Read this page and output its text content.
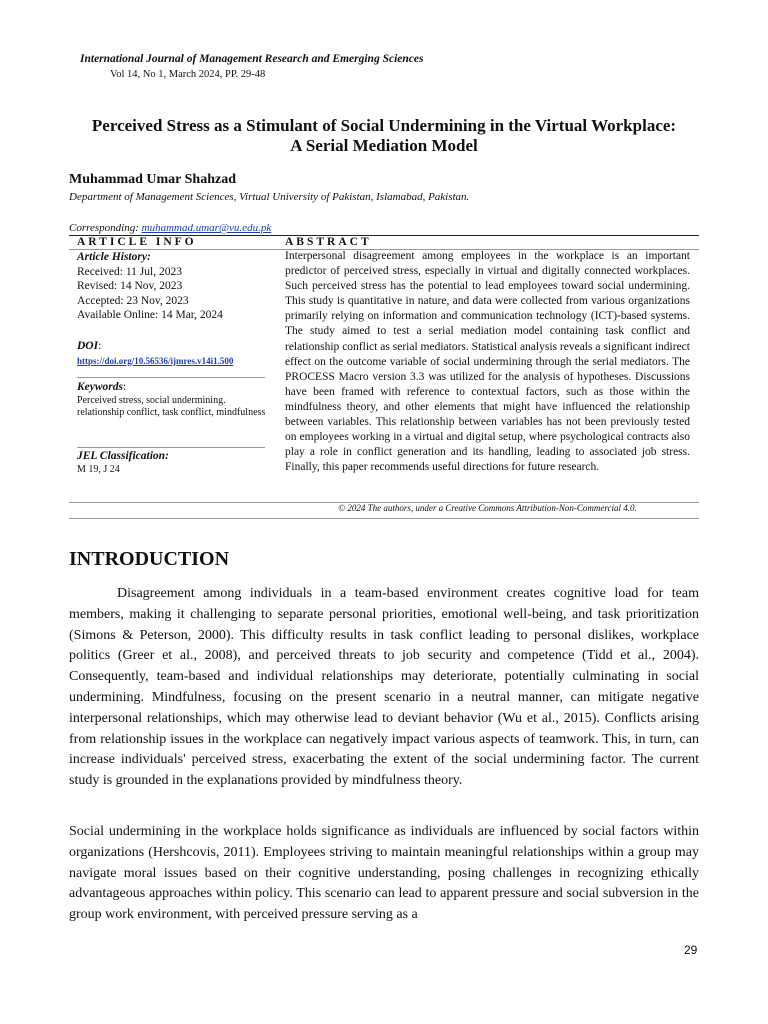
International Journal of Management Research and Emerging Sciences
Vol 14, No 1, March 2024, PP. 29-48
Perceived Stress as a Stimulant of Social Undermining in the Virtual Workplace:
A Serial Mediation Model
Muhammad Umar Shahzad
Department of Management Sciences, Virtual University of Pakistan, Islamabad, Pakistan.
Corresponding: muhammad.umar@vu.edu.pk
ARTICLE INFO	ABSTRACT
Article History:
Received: 11 Jul, 2023
Revised: 14 Nov, 2023
Accepted: 23 Nov, 2023
Available Online: 14 Mar, 2024
DOI:
https://doi.org/10.56536/ijmres.v14i1.500
Keywords:
Perceived stress, social undermining. relationship conflict, task conflict, mindfulness
JEL Classification:
M 19, J 24
Interpersonal disagreement among employees in the workplace is an important predictor of perceived stress, especially in virtual and digitally connected workplaces. Such perceived stress has the potential to lead employees toward social undermining. This study is quantitative in nature, and data were collected from various organizations primarily relying on information and communication technology (ICT)-based systems. The study aimed to test a serial mediation model containing task conflict and relationship conflict as serial mediators. Statistical analysis reveals a significant indirect effect on the outcome variable of social undermining through the serial mediators. The PROCESS Macro version 3.3 was utilized for the analysis of hypotheses. Discussions have been framed with reference to contextual factors, such as those within the mindfulness theory, and other elements that might have influenced the relationship between variables. This relationship between variables has not been previously tested on employees working in a virtual and digital setup, where psychological contracts also play a role in conflict generation and its handling, leading to associated job stress. Finally, this paper recommends useful directions for future research.
© 2024 The authors, under a Creative Commons Attribution-Non-Commercial 4.0.
INTRODUCTION
Disagreement among individuals in a team-based environment creates cognitive load for team members, making it challenging to separate personal priorities, emotional well-being, and task prioritization (Simons & Peterson, 2000). This difficulty results in task conflict leading to personal dislikes, workplace politics (Greer et al., 2008), and perceived threats to job security and competence (Tidd et al., 2004). Consequently, team-based and individual relationships may deteriorate, potentially culminating in social undermining. Mindfulness, focusing on the present scenario in a neutral manner, can mitigate negative interpersonal relationships, which may otherwise lead to deviant behavior (Wu et al., 2015). Conflicts arising from relationship issues in the workplace can negatively impact various aspects of teamwork. This, in turn, can increase individuals' perceived stress, exacerbating the extent of the social undermining factor. The current study is grounded in the explanations provided by mindfulness theory.
Social undermining in the workplace holds significance as individuals are influenced by social factors within organizations (Hershcovis, 2011). Employees striving to maintain meaningful relationships within a group may navigate moral issues based on their cognitive understanding, posing challenges in recognizing ethically advantageous approaches within policy. This scenario can lead to apparent pressure and social subversion in the group work environment, with perceived pressure serving as a
29
